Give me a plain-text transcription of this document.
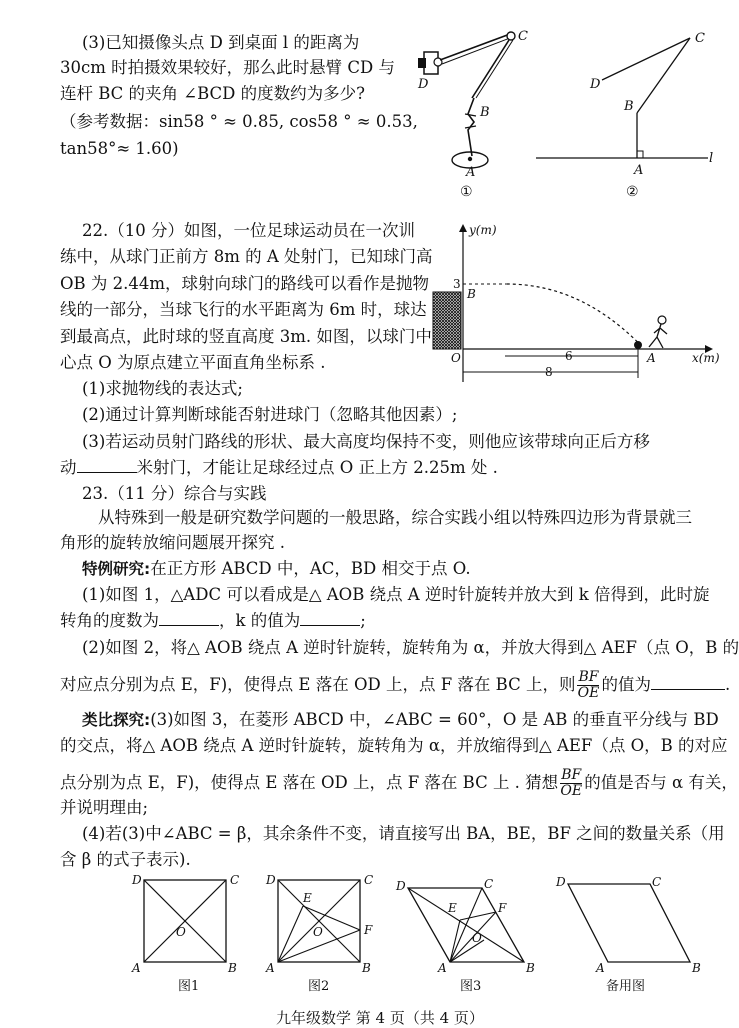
(3)已知摄像头点 D 到桌面 l 的距离为
30cm 时拍摄效果较好，那么此时悬臂 CD 与
连杆 BC 的夹角 ∠BCD 的度数约为多少?
（参考数据：sin58 ° ≈ 0.85, cos58 ° ≈ 0.53,
tan58°≈ 1.60)
C
D
B
A
①
C
D
B
A
l
②
22.（10 分）如图，一位足球运动员在一次训
练中，从球门正前方 8m 的 A 处射门，已知球门高
OB 为 2.44m，球射向球门的路线可以看作是抛物
线的一部分，当球飞行的水平距离为 6m 时，球达
到最高点，此时球的竖直高度 3m. 如图，以球门中
心点 O 为原点建立平面直角坐标系 .
(1)求抛物线的表达式;
(2)通过计算判断球能否射进球门（忽略其他因素）;
(3)若运动员射门路线的形状、最大高度均保持不变，则他应该带球向正后方移
动	米射门，才能让足球经过点 O 正上方 2.25m 处 .
x(m)
y(m)
3
B
O	A
6
8
23.（11 分）综合与实践
从特殊到一般是研究数学问题的一般思路，综合实践小组以特殊四边形为背景就三
角形的旋转放缩问题展开探究 .
特例研究:在正方形 ABCD 中，AC，BD 相交于点 O.
(1)如图 1，△ADC 可以看成是△ AOB 绕点 A 逆时针旋转并放大到 k 倍得到，此时旋
转角的度数为	，k 的值为	;
(2)如图 2，将△ AOB 绕点 A 逆时针旋转，旋转角为 α，并放大得到△ AEF（点 O，B 的
对应点分别为点 E，F)，使得点 E 落在 OD 上，点 F 落在 BC 上，则 $\frac{BF}{OE}$ 的值为	.
类比探究:(3)如图 3，在菱形 ABCD 中，∠ABC = 60°，O 是 AB 的垂直平分线与 BD
的交点，将△ AOB 绕点 A 逆时针旋转，旋转角为 α，并放缩得到△ AEF（点 O，B 的对应
点分别为点 E，F)，使得点 E 落在 OD 上，点 F 落在 BC 上 . 猜想 $\frac{BF}{OE}$ 的值是否与 α 有关，
并说明理由;
(4)若(3)中∠ABC = β，其余条件不变，请直接写出 BA，BE，BF 之间的数量关系（用
含 β 的式子表示).
D	C
O
A	B
图1
D	C
E
O	F
A	B
图2
D	C
E	F
O
A	B
图3
D	C
A	B
备用图
九年级数学 第 4 页（共 4 页）
